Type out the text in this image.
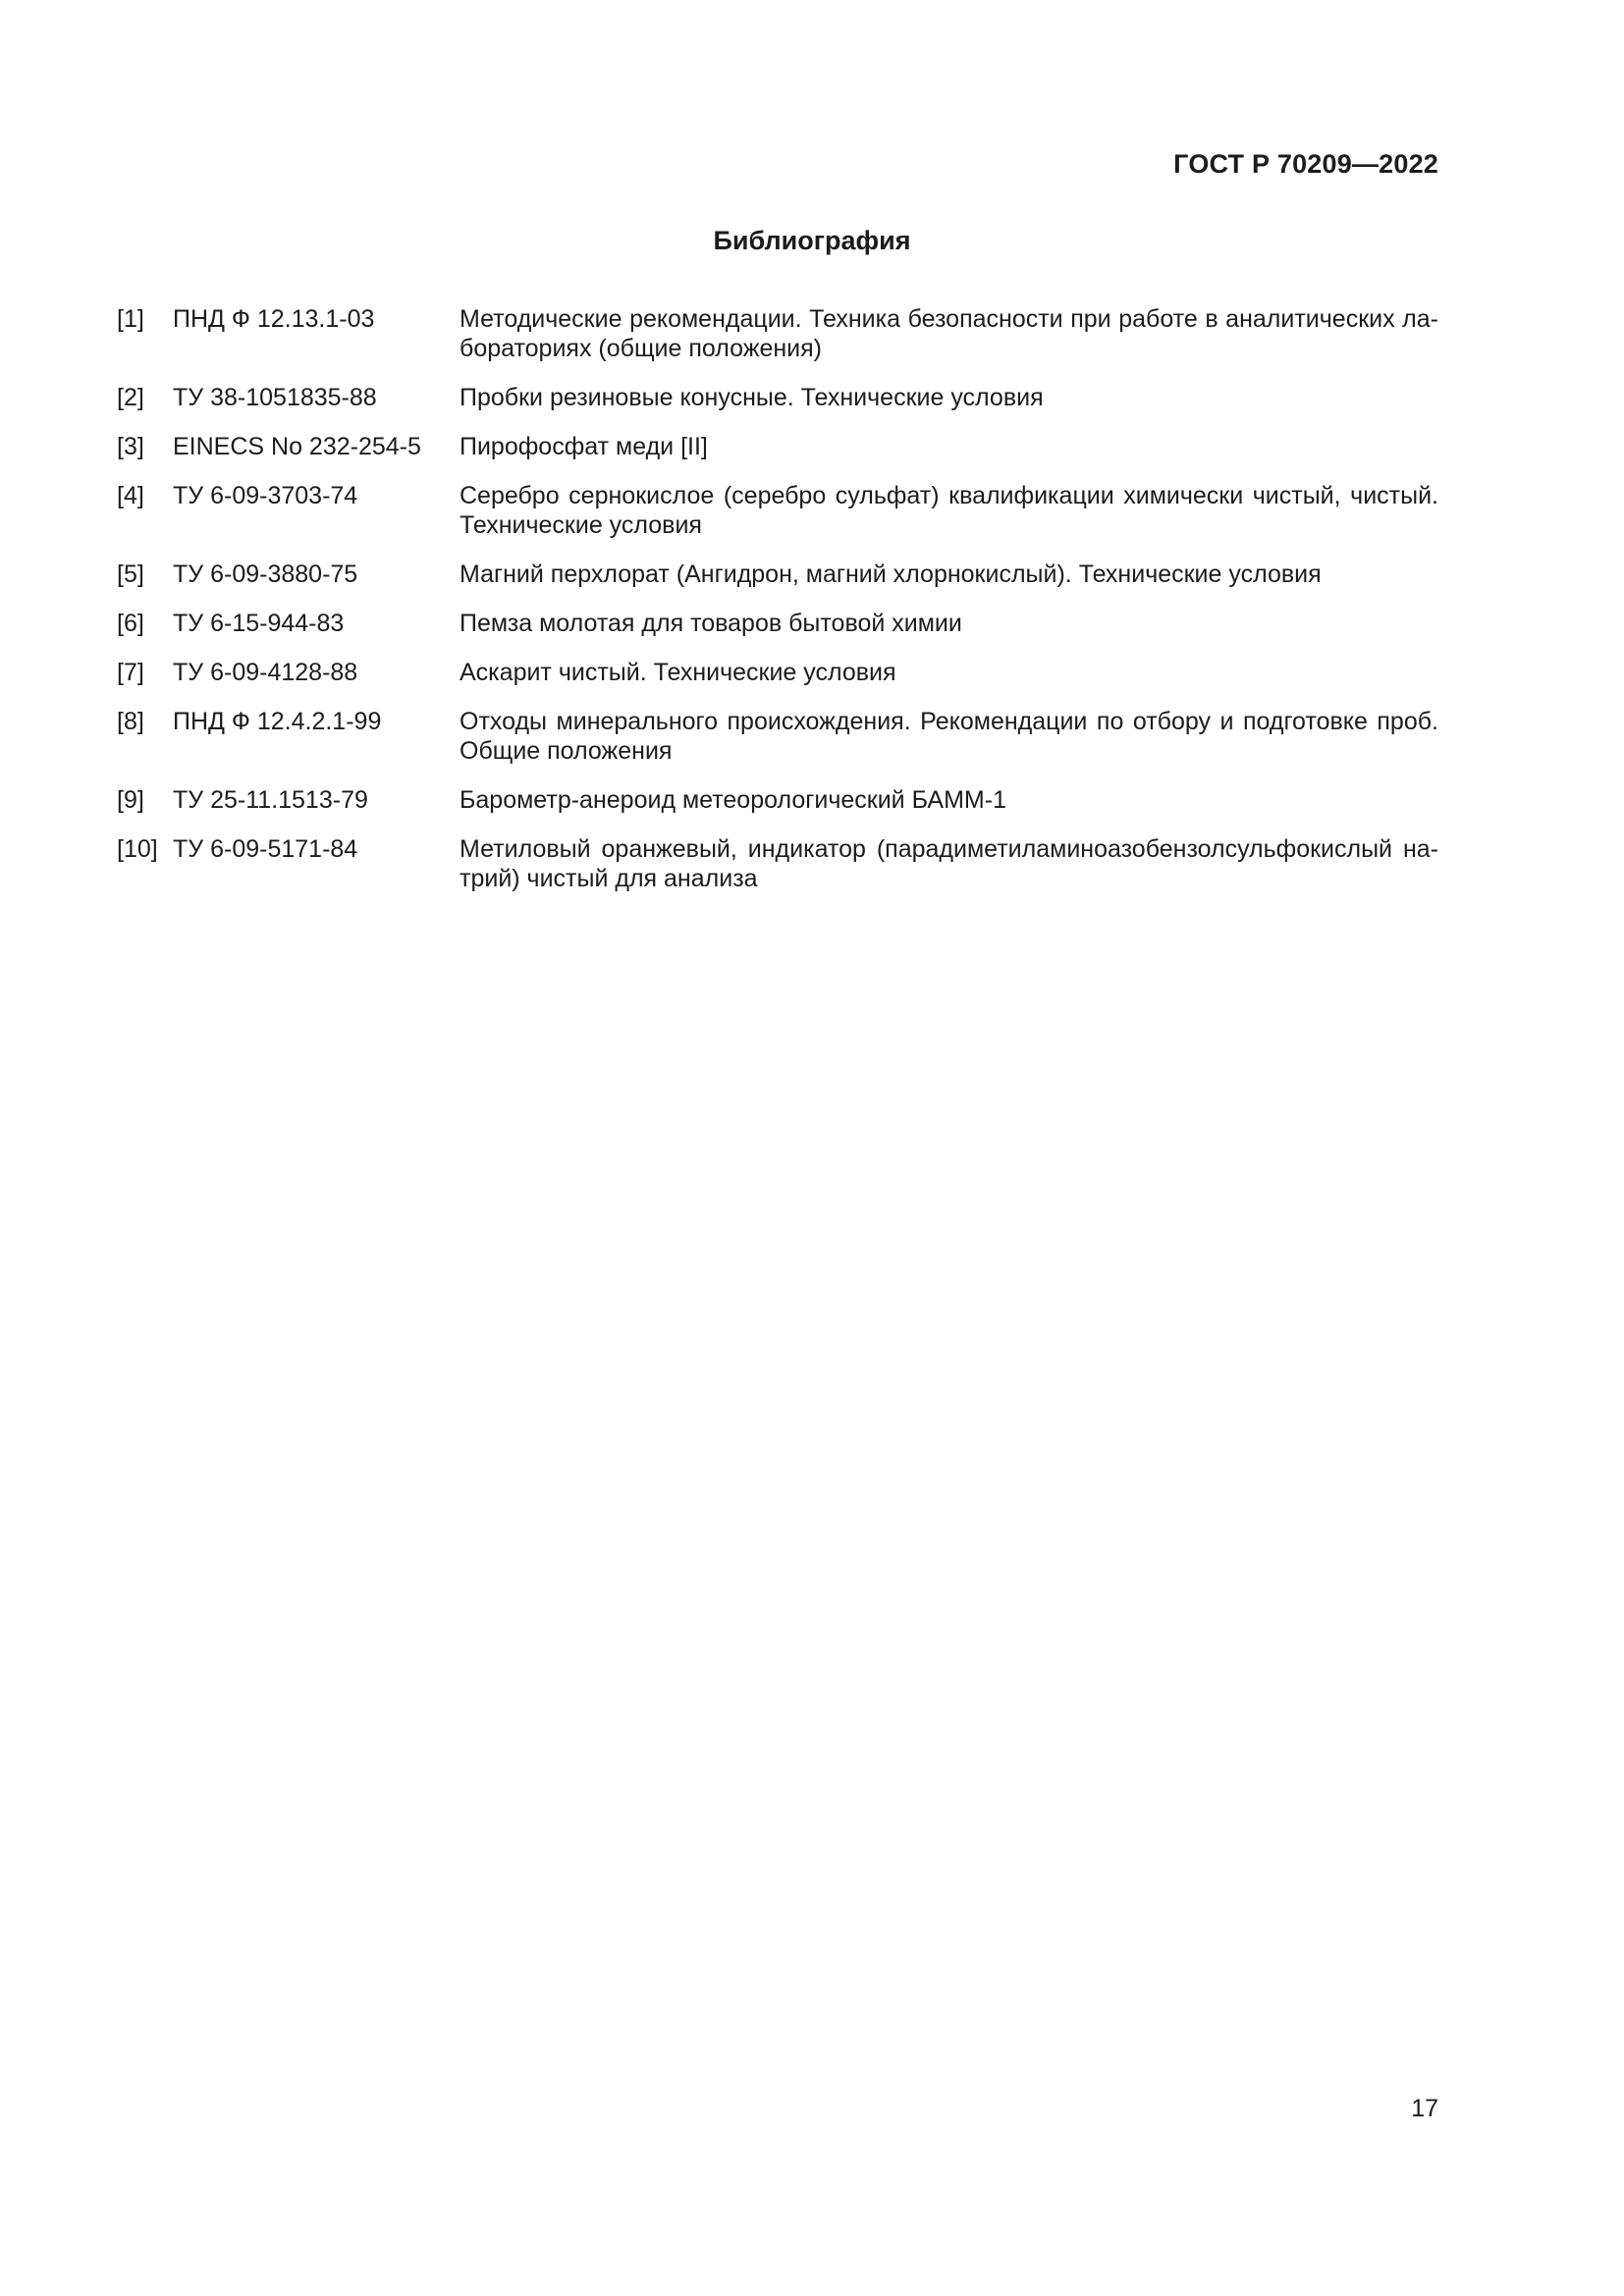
ГОСТ Р 70209—2022

Библиография
[1]	ПНД Ф 12.13.1-03	Методические рекомендации. Техника безопасности при работе в аналитических лабораториях (общие положения)
[2]	ТУ 38-1051835-88	Пробки резиновые конусные. Технические условия
[3]	EINECS No 232-254-5	Пирофосфат меди [II]
[4]	ТУ 6-09-3703-74	Серебро сернокислое (серебро сульфат) квалификации химически чистый, чистый. Технические условия
[5]	ТУ 6-09-3880-75	Магний перхлорат (Ангидрон, магний хлорнокислый). Технические условия
[6]	ТУ 6-15-944-83	Пемза молотая для товаров бытовой химии
[7]	ТУ 6-09-4128-88	Аскарит чистый. Технические условия
[8]	ПНД Ф 12.4.2.1-99	Отходы минерального происхождения. Рекомендации по отбору и подготовке проб. Общие положения
[9]	ТУ 25-11.1513-79	Барометр-анероид метеорологический БАММ-1
[10] ТУ 6-09-5171-84	Метиловый оранжевый, индикатор (парадиметиламиноазобензолсульфокислый натрий) чистый для анализа

17
